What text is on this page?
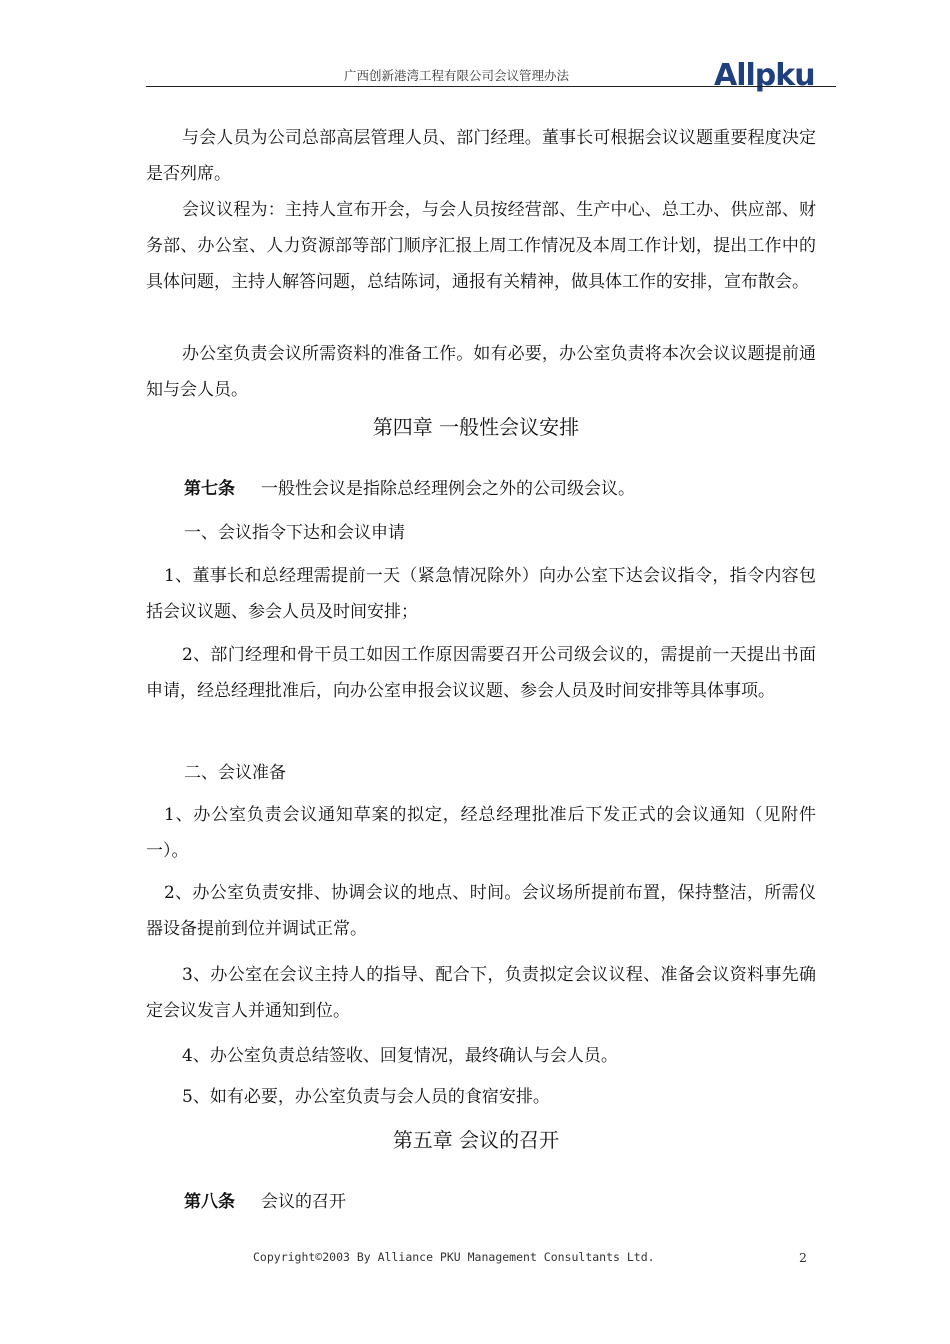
广西创新港湾工程有限公司会议管理办法	Allpku

与会人员为公司总部高层管理人员、部门经理。董事长可根据会议议题重要程度决定是否列席。

会议议程为：主持人宣布开会，与会人员按经营部、生产中心、总工办、供应部、财务部、办公室、人力资源部等部门顺序汇报上周工作情况及本周工作计划，提出工作中的具体问题，主持人解答问题，总结陈词，通报有关精神，做具体工作的安排，宣布散会。

办公室负责会议所需资料的准备工作。如有必要，办公室负责将本次会议议题提前通知与会人员。

第四章 一般性会议安排

第七条 一般性会议是指除总经理例会之外的公司级会议。

一、会议指令下达和会议申请

1、董事长和总经理需提前一天（紧急情况除外）向办公室下达会议指令，指令内容包括会议议题、参会人员及时间安排；

2、部门经理和骨干员工如因工作原因需要召开公司级会议的，需提前一天提出书面申请，经总经理批准后，向办公室申报会议议题、参会人员及时间安排等具体事项。

二、会议准备

1、办公室负责会议通知草案的拟定，经总经理批准后下发正式的会议通知（见附件一）。

2、办公室负责安排、协调会议的地点、时间。会议场所提前布置，保持整洁，所需仪器设备提前到位并调试正常。

3、办公室在会议主持人的指导、配合下，负责拟定会议议程、准备会议资料事先确定会议发言人并通知到位。

4、办公室负责总结签收、回复情况，最终确认与会人员。

5、如有必要，办公室负责与会人员的食宿安排。

第五章 会议的召开

第八条 会议的召开

Copyright©2003 By Alliance PKU Management Consultants Ltd.	2
